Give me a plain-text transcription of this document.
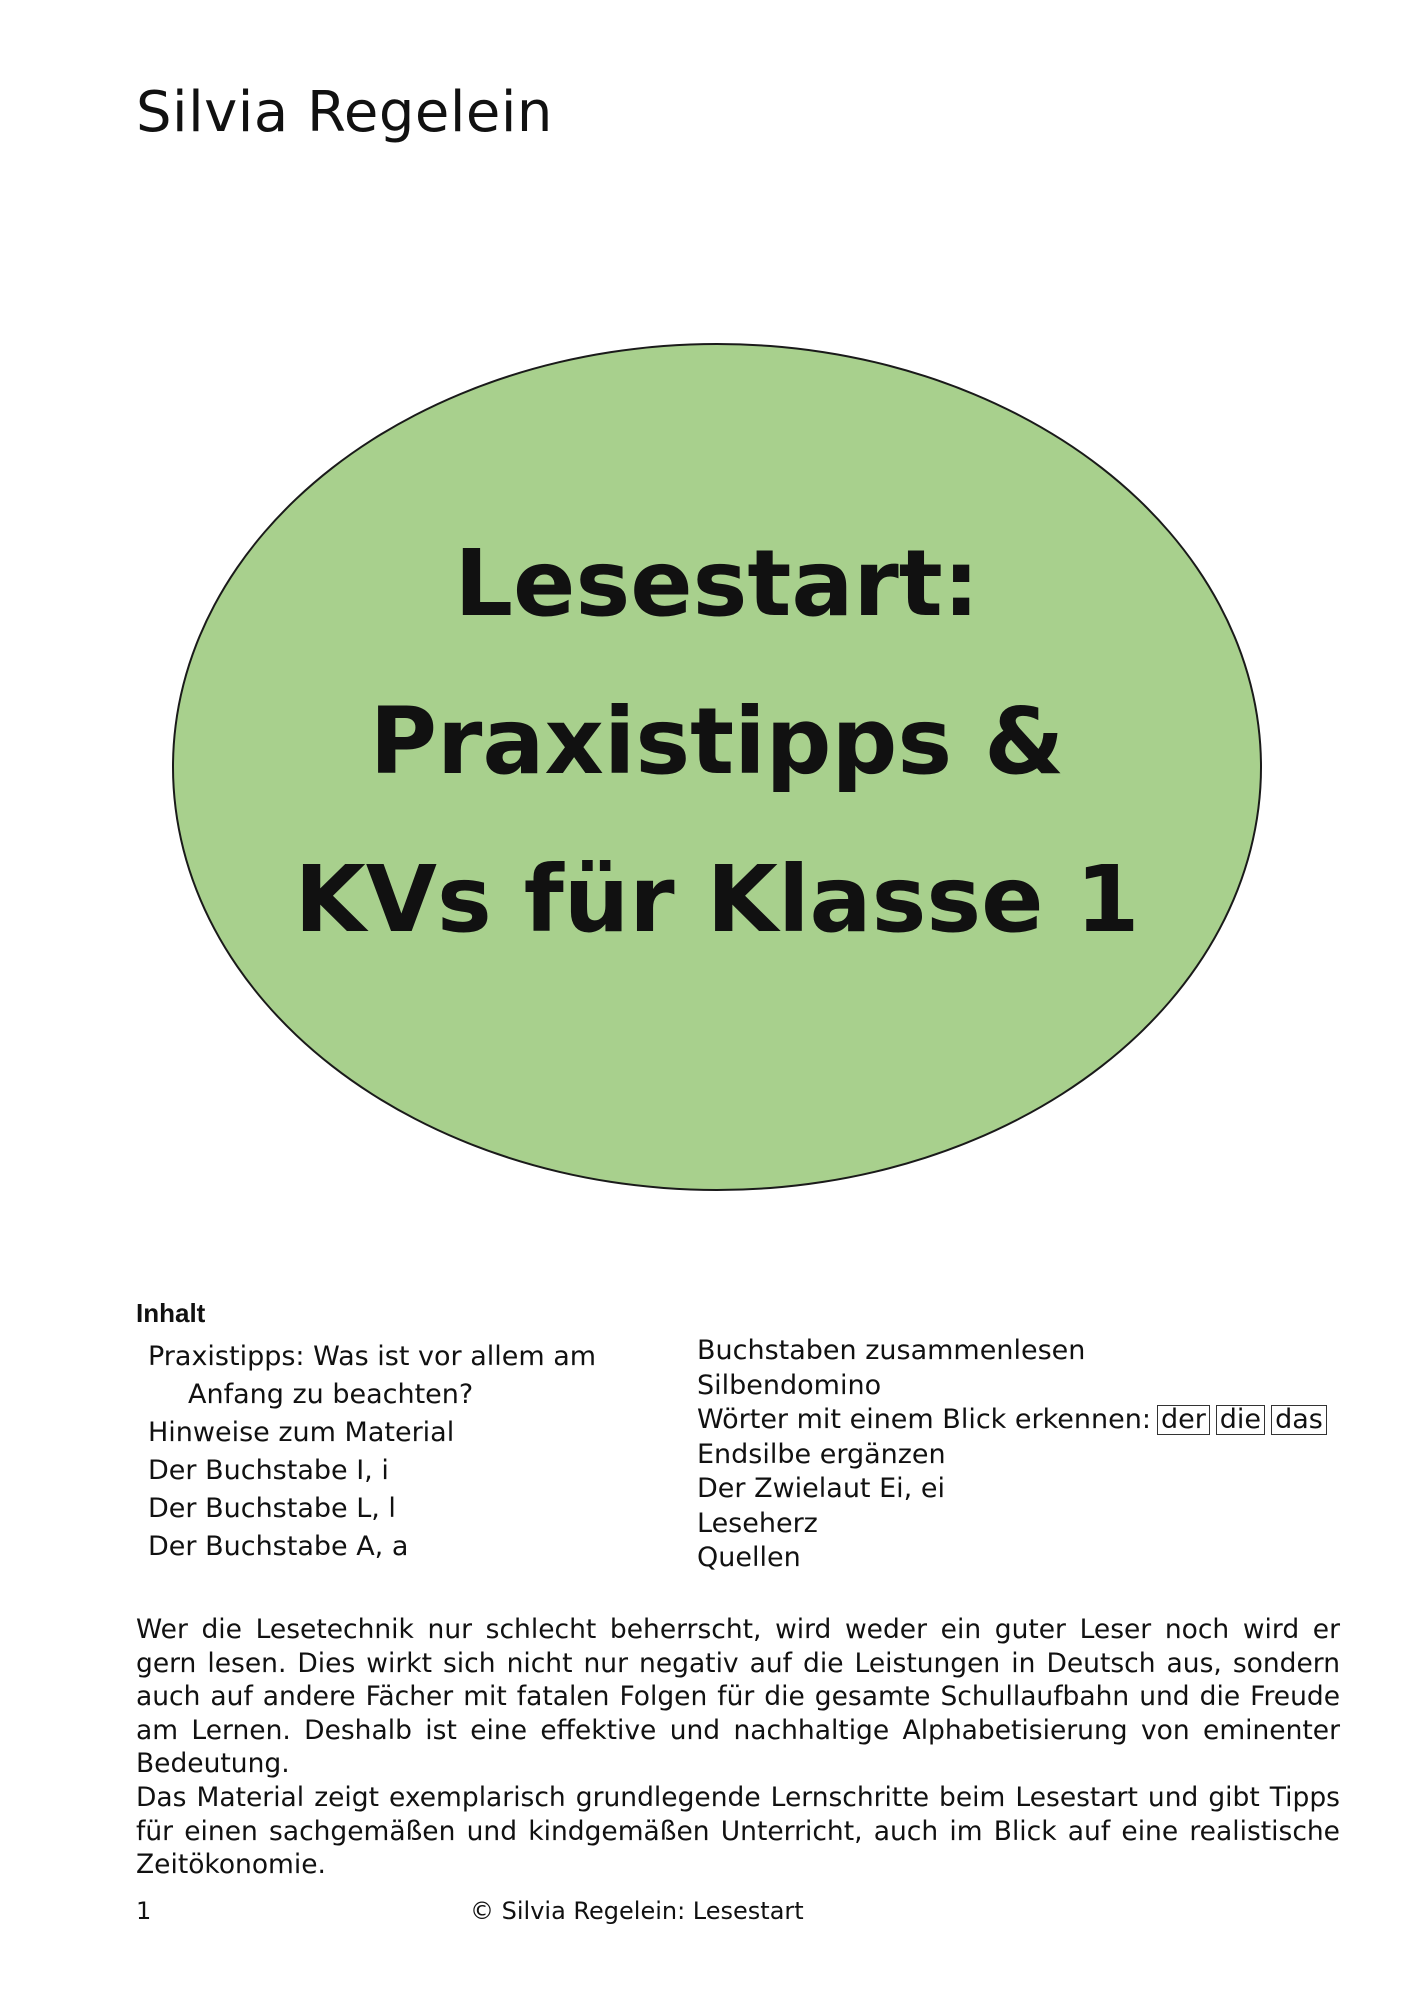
Silvia Regelein
Lesestart:
Praxistipps &
KVs für Klasse 1
Inhalt
Praxistipps: Was ist vor allem am
Anfang zu beachten?
Hinweise zum Material
Der Buchstabe I, i
Der Buchstabe L, l
Der Buchstabe A, a
Buchstaben zusammenlesen
Silbendomino
Wörter mit einem Blick erkennen: der die das
Endsilbe ergänzen
Der Zwielaut Ei, ei
Leseherz
Quellen
Wer die Lesetechnik nur schlecht beherrscht, wird weder ein guter Leser noch wird er gern lesen. Dies wirkt sich nicht nur negativ auf die Leistungen in Deutsch aus, sondern auch auf andere Fächer mit fatalen Folgen für die gesamte Schullaufbahn und die Freude am Lernen. Deshalb ist eine effektive und nachhaltige Alphabetisierung von eminenter Bedeutung.
Das Material zeigt exemplarisch grundlegende Lernschritte beim Lesestart und gibt Tipps für einen sachgemäßen und kindgemäßen Unterricht, auch im Blick auf eine realistische Zeitökonomie.
1	© Silvia Regelein: Lesestart
